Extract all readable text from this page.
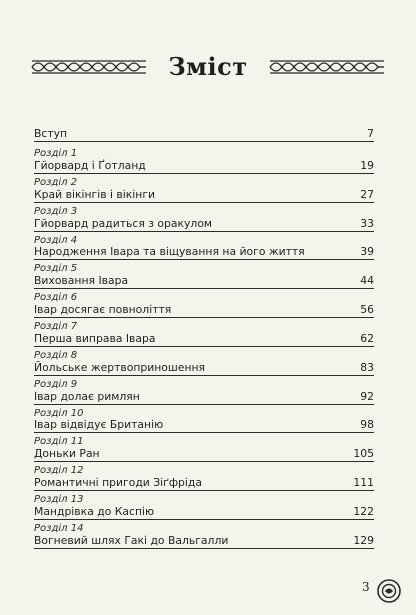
Зміст
Вступ	7
Розділ 1
Гйорвард і Ґотланд	19
Розділ 2
Край вікінгів і вікінги	27
Розділ 3
Гйорвард радиться з оракулом	33
Розділ 4
Народження Івара та віщування на його життя	39
Розділ 5
Виховання Івара	44
Розділ 6
Івар досягає повноліття	56
Розділ 7
Перша виправа Івара	62
Розділ 8
Йольське жертвоприношення	83
Розділ 9
Івар долає римлян	92
Розділ 10
Івар відвідує Британію	98
Розділ 11
Доньки Ран	105
Розділ 12
Романтичні пригоди Зіґфріда	111
Розділ 13
Мандрівка до Каспію	122
Розділ 14
Вогневий шлях Гакі до Вальгалли	129
3
